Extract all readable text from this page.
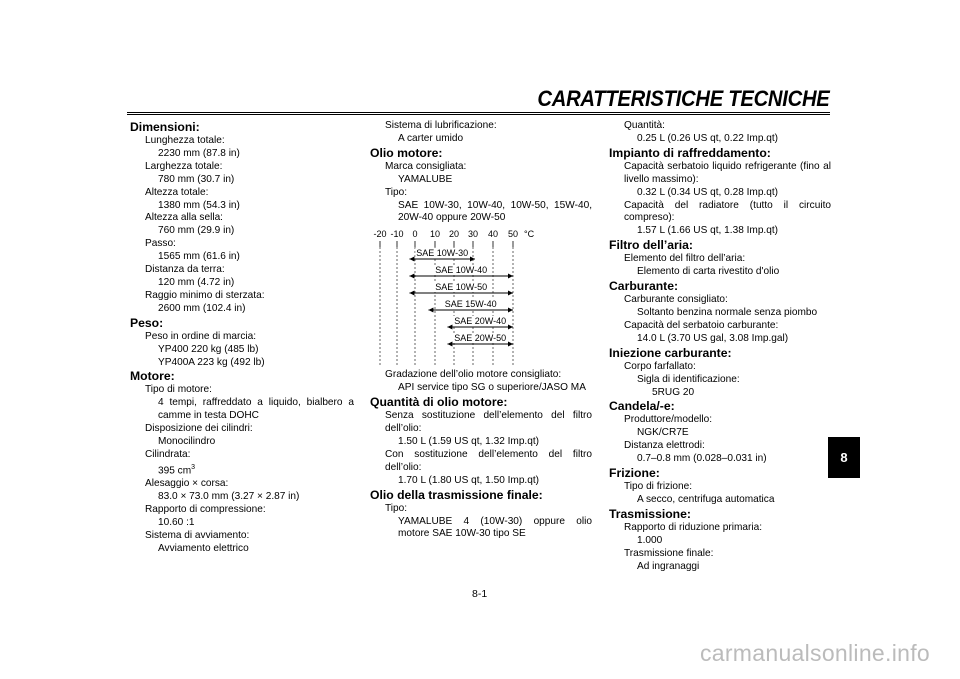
CARATTERISTICHE TECNICHE
8
Dimensioni:
Lunghezza totale:
2230 mm (87.8 in)
Larghezza totale:
780 mm (30.7 in)
Altezza totale:
1380 mm (54.3 in)
Altezza alla sella:
760 mm (29.9 in)
Passo:
1565 mm (61.6 in)
Distanza da terra:
120 mm (4.72 in)
Raggio minimo di sterzata:
2600 mm (102.4 in)
Peso:
Peso in ordine di marcia:
YP400 220 kg (485 lb)
YP400A 223 kg (492 lb)
Motore:
Tipo di motore:
4 tempi, raffreddato a liquido, bialbero a camme in testa DOHC
Disposizione dei cilindri:
Monocilindro
Cilindrata:
395 $cm^3$
Alesaggio × corsa:
83.0 × 73.0 mm (3.27 × 2.87 in)
Rapporto di compressione:
10.60 :1
Sistema di avviamento:
Avviamento elettrico
Sistema di lubrificazione:
A carter umido
Olio motore:
Marca consigliata:
YAMALUBE
Tipo:
SAE 10W-30, 10W-40, 10W-50, 15W-40, 20W-40 oppure 20W-50
-20 -10 0 10 20 30 40 50 °C
SAE 10W-30
SAE 10W-40
SAE 10W-50
SAE 15W-40
SAE 20W-40
SAE 20W-50
Gradazione dell’olio motore consigliato:
API service tipo SG o superiore/JASO MA
Quantità di olio motore:
Senza sostituzione dell’elemento del filtro dell’olio:
1.50 L (1.59 US qt, 1.32 Imp.qt)
Con sostituzione dell’elemento del filtro dell’olio:
1.70 L (1.80 US qt, 1.50 Imp.qt)
Olio della trasmissione finale:
Tipo:
YAMALUBE 4 (10W-30) oppure olio motore SAE 10W-30 tipo SE
Quantità:
0.25 L (0.26 US qt, 0.22 Imp.qt)
Impianto di raffreddamento:
Capacità serbatoio liquido refrigerante (fino al livello massimo):
0.32 L (0.34 US qt, 0.28 Imp.qt)
Capacità del radiatore (tutto il circuito compreso):
1.57 L (1.66 US qt, 1.38 Imp.qt)
Filtro dell’aria:
Elemento del filtro dell’aria:
Elemento di carta rivestito d'olio
Carburante:
Carburante consigliato:
Soltanto benzina normale senza piombo
Capacità del serbatoio carburante:
14.0 L (3.70 US gal, 3.08 Imp.gal)
Iniezione carburante:
Corpo farfallato:
Sigla di identificazione:
5RUG 20
Candela/-e:
Produttore/modello:
NGK/CR7E
Distanza elettrodi:
0.7–0.8 mm (0.028–0.031 in)
Frizione:
Tipo di frizione:
A secco, centrifuga automatica
Trasmissione:
Rapporto di riduzione primaria:
1.000
Trasmissione finale:
Ad ingranaggi
8-1
carmanualsonline.info
